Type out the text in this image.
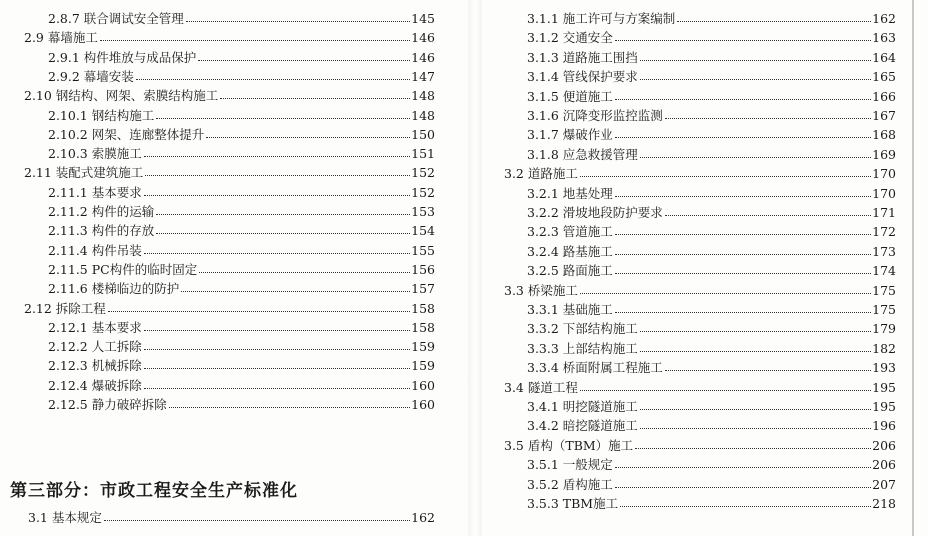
2.8.7 联合调试安全管理	145
2.9 幕墙施工	146
2.9.1 构件堆放与成品保护	146
2.9.2 幕墙安装	147
2.10 钢结构、网架、索膜结构施工	148
2.10.1 钢结构施工	148
2.10.2 网架、连廊整体提升	150
2.10.3 索膜施工	151
2.11 装配式建筑施工	152
2.11.1 基本要求	152
2.11.2 构件的运输	153
2.11.3 构件的存放	154
2.11.4 构件吊装	155
2.11.5 PC构件的临时固定	156
2.11.6 楼梯临边的防护	157
2.12 拆除工程	158
2.12.1 基本要求	158
2.12.2 人工拆除	159
2.12.3 机械拆除	159
2.12.4 爆破拆除	160
2.12.5 静力破碎拆除	160
第三部分：市政工程安全生产标准化
3.1 基本规定	162
3.1.1 施工许可与方案编制	162
3.1.2 交通安全	163
3.1.3 道路施工围挡	164
3.1.4 管线保护要求	165
3.1.5 便道施工	166
3.1.6 沉降变形监控监测	167
3.1.7 爆破作业	168
3.1.8 应急救援管理	169
3.2 道路施工	170
3.2.1 地基处理	170
3.2.2 滑坡地段防护要求	171
3.2.3 管道施工	172
3.2.4 路基施工	173
3.2.5 路面施工	174
3.3 桥梁施工	175
3.3.1 基础施工	175
3.3.2 下部结构施工	179
3.3.3 上部结构施工	182
3.3.4 桥面附属工程施工	193
3.4 隧道工程	195
3.4.1 明挖隧道施工	195
3.4.2 暗挖隧道施工	196
3.5 盾构（TBM）施工	206
3.5.1 一般规定	206
3.5.2 盾构施工	207
3.5.3 TBM施工	218
